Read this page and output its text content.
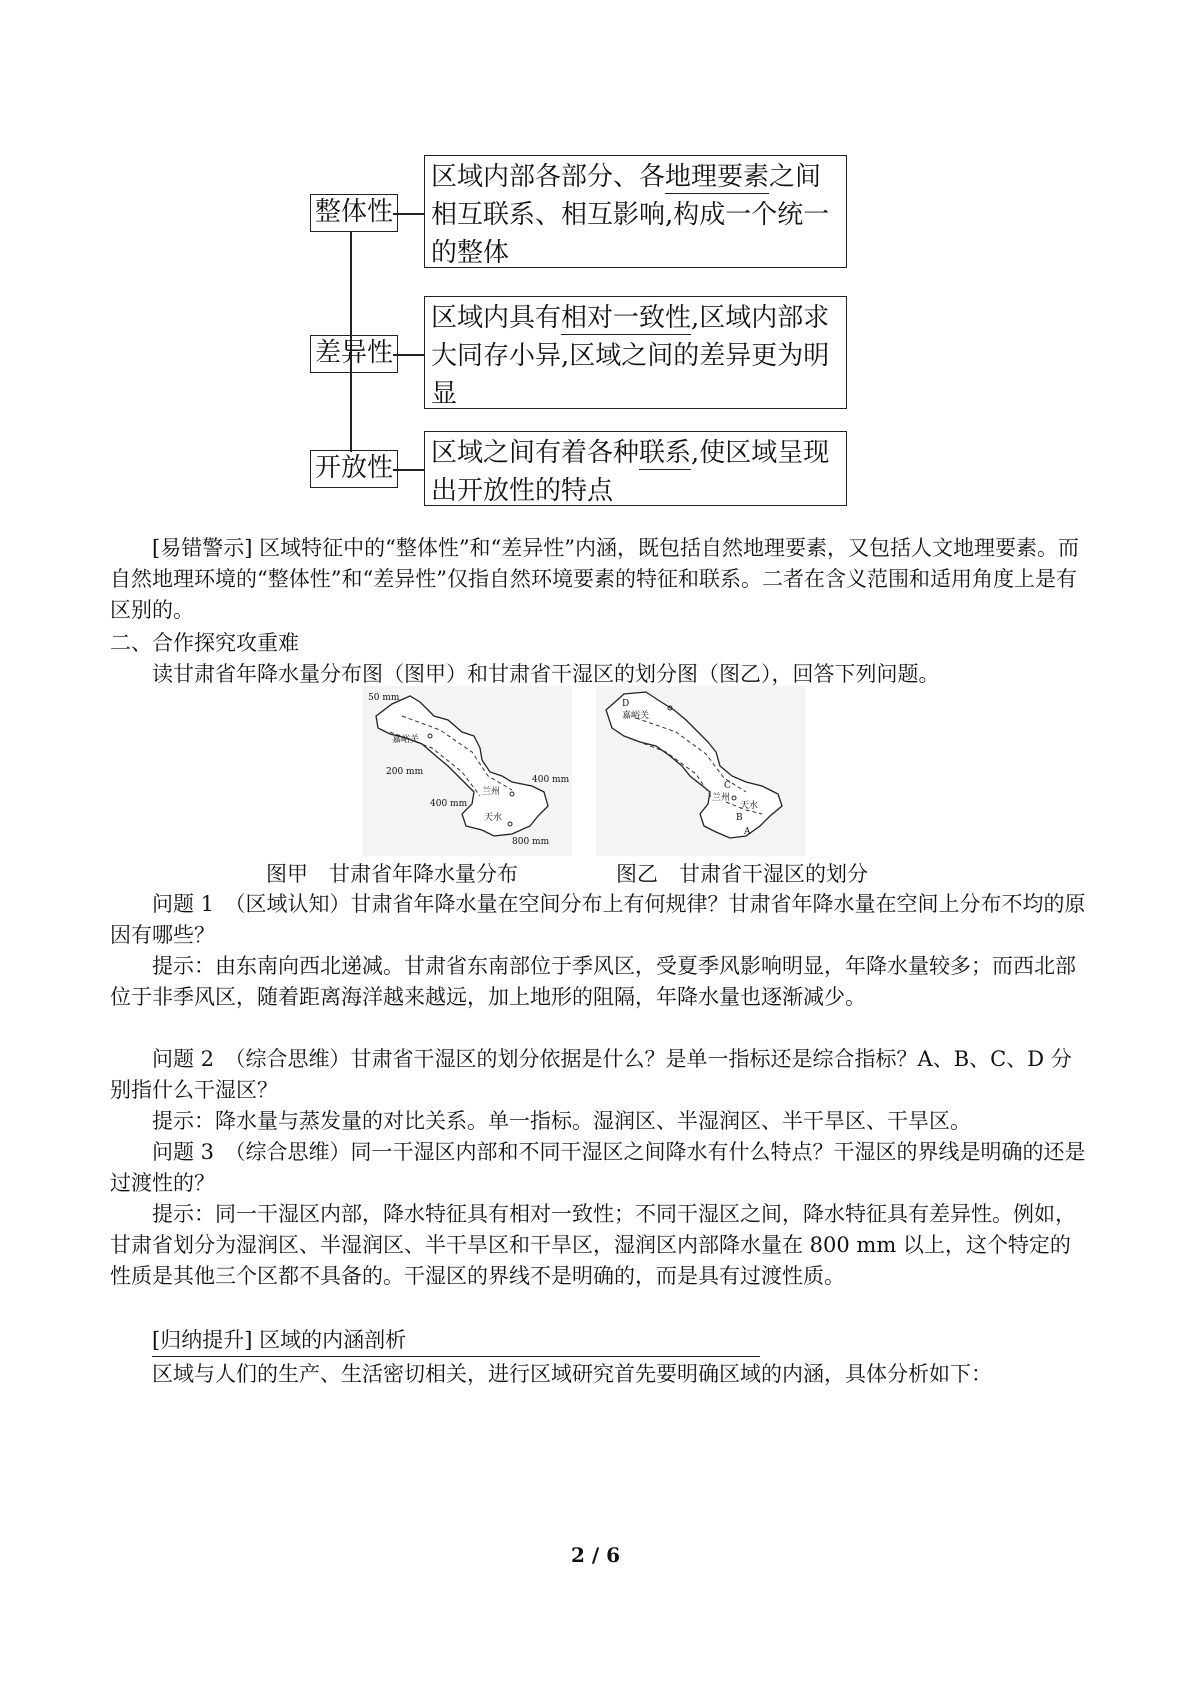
整体性
区域内部各部分、各地理要素之间相互联系、相互影响,构成一个统一的整体
差异性
区域内具有相对一致性,区域内部求大同存小异,区域之间的差异更为明显
开放性 区域之间有着各种联系,使区域呈现出开放性的特点
[易错警示] 区域特征中的“整体性”和“差异性”内涵，既包括自然地理要素，又包括人文地理要素。而自然地理环境的“整体性”和“差异性”仅指自然环境要素的特征和联系。二者在含义范围和适用角度上是有区别的。
二、合作探究攻重难
读甘肃省年降水量分布图（图甲）和甘肃省干湿区的划分图（图乙），回答下列问题。
50 mm
嘉峪关
200 mm
400 mm
400 mm
兰州
天水
800 mm
D
嘉峪关
C
兰州
天水
B
A
图甲　甘肃省年降水量分布	图乙　甘肃省干湿区的划分
问题 1　（区域认知）甘肃省年降水量在空间分布上有何规律？甘肃省年降水量在空间上分布不均的原因有哪些？
提示：由东南向西北递减。甘肃省东南部位于季风区，受夏季风影响明显，年降水量较多；而西北部位于非季风区，随着距离海洋越来越远，加上地形的阻隔，年降水量也逐渐减少。
问题 2　（综合思维）甘肃省干湿区的划分依据是什么？是单一指标还是综合指标？A、B、C、D 分别指什么干湿区？
提示：降水量与蒸发量的对比关系。单一指标。湿润区、半湿润区、半干旱区、干旱区。
问题 3　（综合思维）同一干湿区内部和不同干湿区之间降水有什么特点？干湿区的界线是明确的还是过渡性的？
提示：同一干湿区内部，降水特征具有相对一致性；不同干湿区之间，降水特征具有差异性。例如，甘肃省划分为湿润区、半湿润区、半干旱区和干旱区，湿润区内部降水量在 800 mm 以上，这个特定的性质是其他三个区都不具备的。干湿区的界线不是明确的，而是具有过渡性质。
[归纳提升] 区域的内涵剖析
区域与人们的生产、生活密切相关，进行区域研究首先要明确区域的内涵，具体分析如下：
2 / 6
